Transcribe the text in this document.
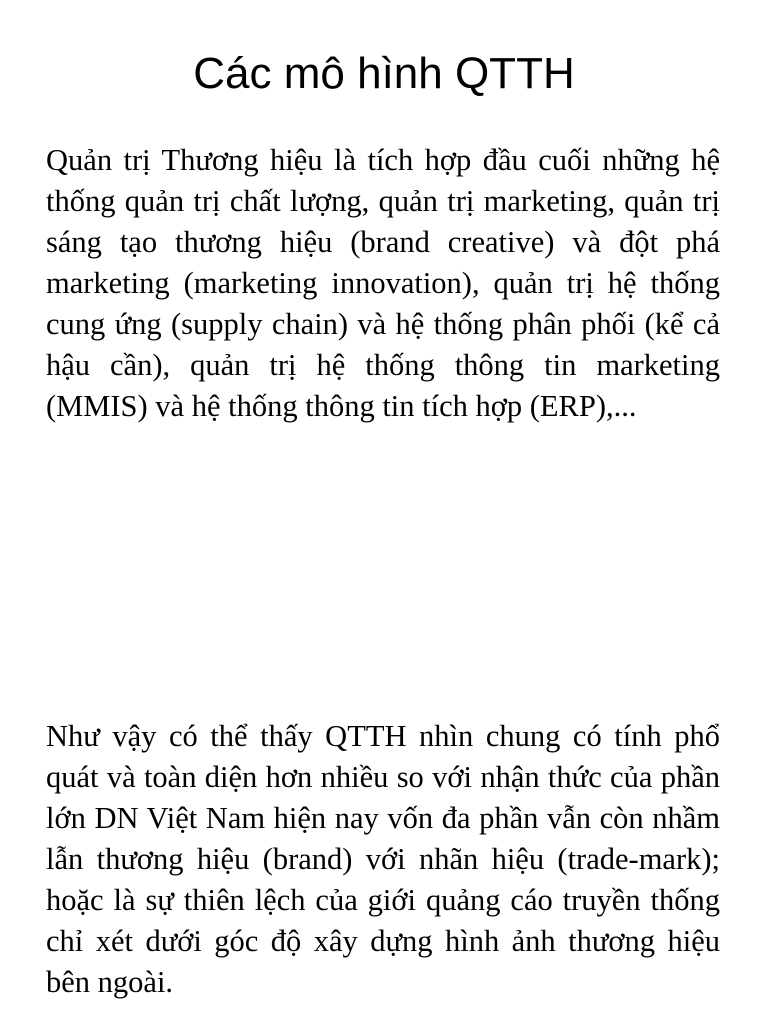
Các mô hình QTTH

Quản trị Thương hiệu là tích hợp đầu cuối những hệ thống quản trị chất lượng, quản trị marketing, quản trị sáng tạo thương hiệu (brand creative) và đột phá marketing (marketing innovation), quản trị hệ thống cung ứng (supply chain) và hệ thống phân phối (kể cả hậu cần), quản trị hệ thống thông tin marketing (MMIS) và hệ thống thông tin tích hợp (ERP),...

Như vậy có thể thấy QTTH nhìn chung có tính phổ quát và toàn diện hơn nhiều so với nhận thức của phần lớn DN Việt Nam hiện nay vốn đa phần vẫn còn nhầm lẫn thương hiệu (brand) với nhãn hiệu (trade-mark); hoặc là sự thiên lệch của giới quảng cáo truyền thống chỉ xét dưới góc độ xây dựng hình ảnh thương hiệu bên ngoài.
